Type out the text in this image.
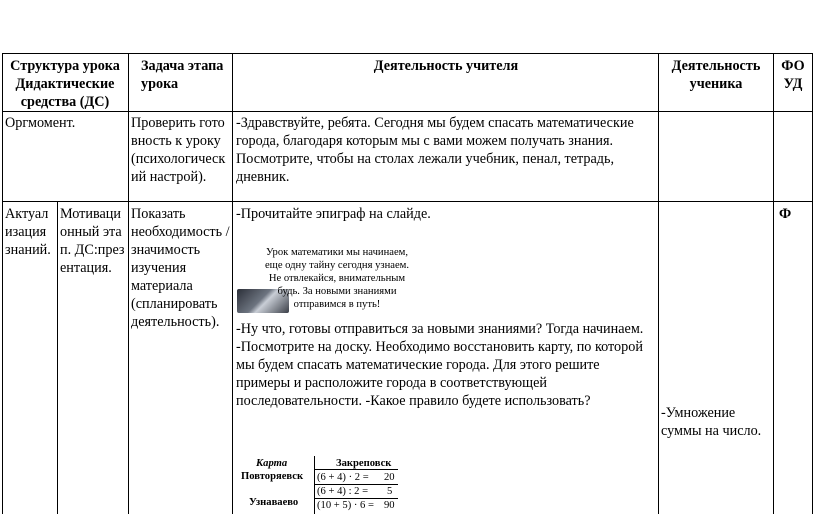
Структура урока Дидактические средства (ДС)
Задача этапа урока
Деятельность учителя	Деятельность ученика
ФО
УД
Оргмомент.	Проверить готовность к уроку (психологический настрой).
-Здравствуйте, ребята. Сегодня мы будем спасать математические города, благодаря которым мы с вами можем получать знания. Посмотрите, чтобы на столах лежали учебник, пенал, тетрадь, дневник.
Актуализация знаний.
Мотивационный этап. ДС:презентация.
Показать необходимость /значимость изучения материала (спланировать деятельность).
-Прочитайте эпиграф на слайде.
Урок математики мы начинаем, еще одну тайну сегодня узнаем. Не отвлекайся, внимательным будь. За новыми знаниями отправимся в путь!
-Ну что, готовы отправиться за новыми знаниями? Тогда начинаем. -Посмотрите на доску. Необходимо восстановить карту, по которой мы будем спасать математические города. Для этого решите примеры и расположите города в соответствующей последовательности. -Какое правило будете использовать?
Карта
Повторяевск
Узнаваево
Закреповск
(6 + 4) · 2 = 20
(6 + 4) : 2 = 5
(10 + 5) · 6 = 90
-Умножение суммы на число.
Ф
